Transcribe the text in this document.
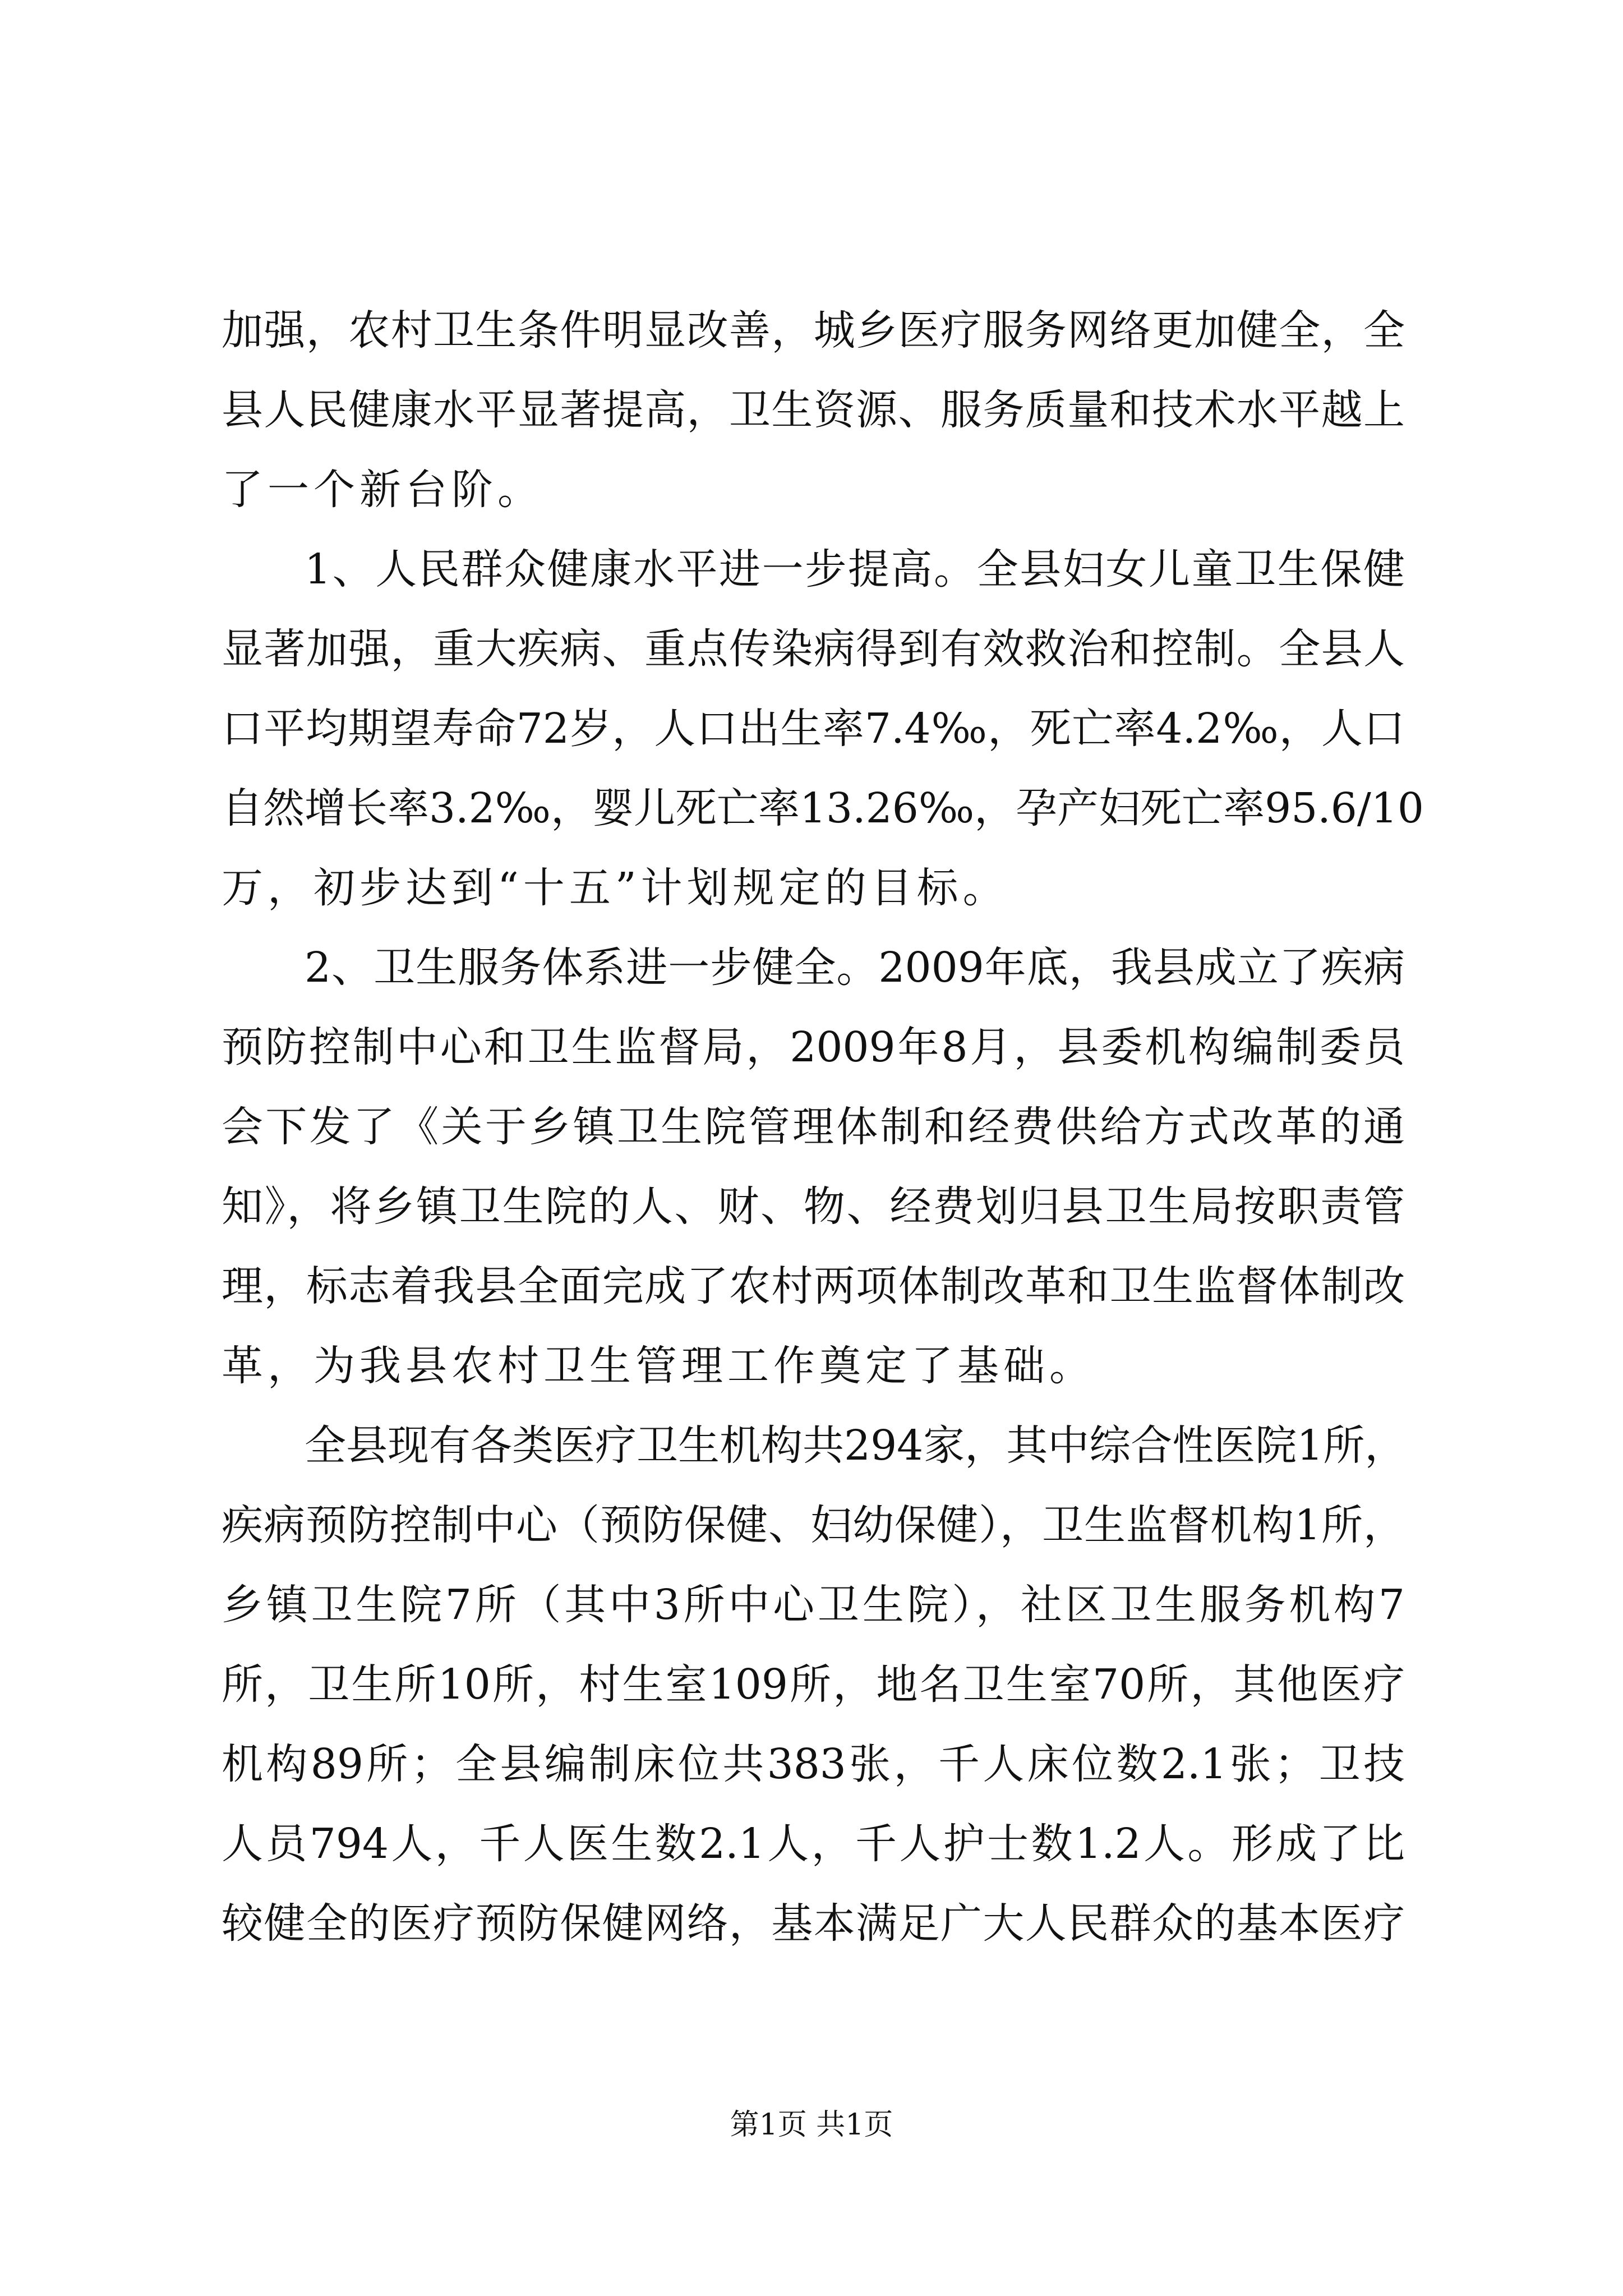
加强，农村卫生条件明显改善，城乡医疗服务网络更加健全，全
县人民健康水平显著提高，卫生资源、服务质量和技术水平越上
了一个新台阶。
1、人民群众健康水平进一步提高。全县妇女儿童卫生保健
显著加强，重大疾病、重点传染病得到有效救治和控制。全县人
口平均期望寿命72岁，人口出生率7.4‰，死亡率4.2‰，人口
自然增长率3.2‰，婴儿死亡率13.26‰，孕产妇死亡率95.6/10
万，初步达到“十五”计划规定的目标。
2、卫生服务体系进一步健全。2009年底，我县成立了疾病
预防控制中心和卫生监督局，2009年8月，县委机构编制委员
会下发了《关于乡镇卫生院管理体制和经费供给方式改革的通
知》，将乡镇卫生院的人、财、物、经费划归县卫生局按职责管
理，标志着我县全面完成了农村两项体制改革和卫生监督体制改
革，为我县农村卫生管理工作奠定了基础。
全县现有各类医疗卫生机构共294家，其中综合性医院1所，
疾病预防控制中心（预防保健、妇幼保健），卫生监督机构1所，
乡镇卫生院7所（其中3所中心卫生院），社区卫生服务机构7
所，卫生所10所，村生室109所，地名卫生室70所，其他医疗
机构89所；全县编制床位共383张，千人床位数2.1张；卫技
人员794人，千人医生数2.1人，千人护士数1.2人。形成了比
较健全的医疗预防保健网络，基本满足广大人民群众的基本医疗
第1页 共1页
